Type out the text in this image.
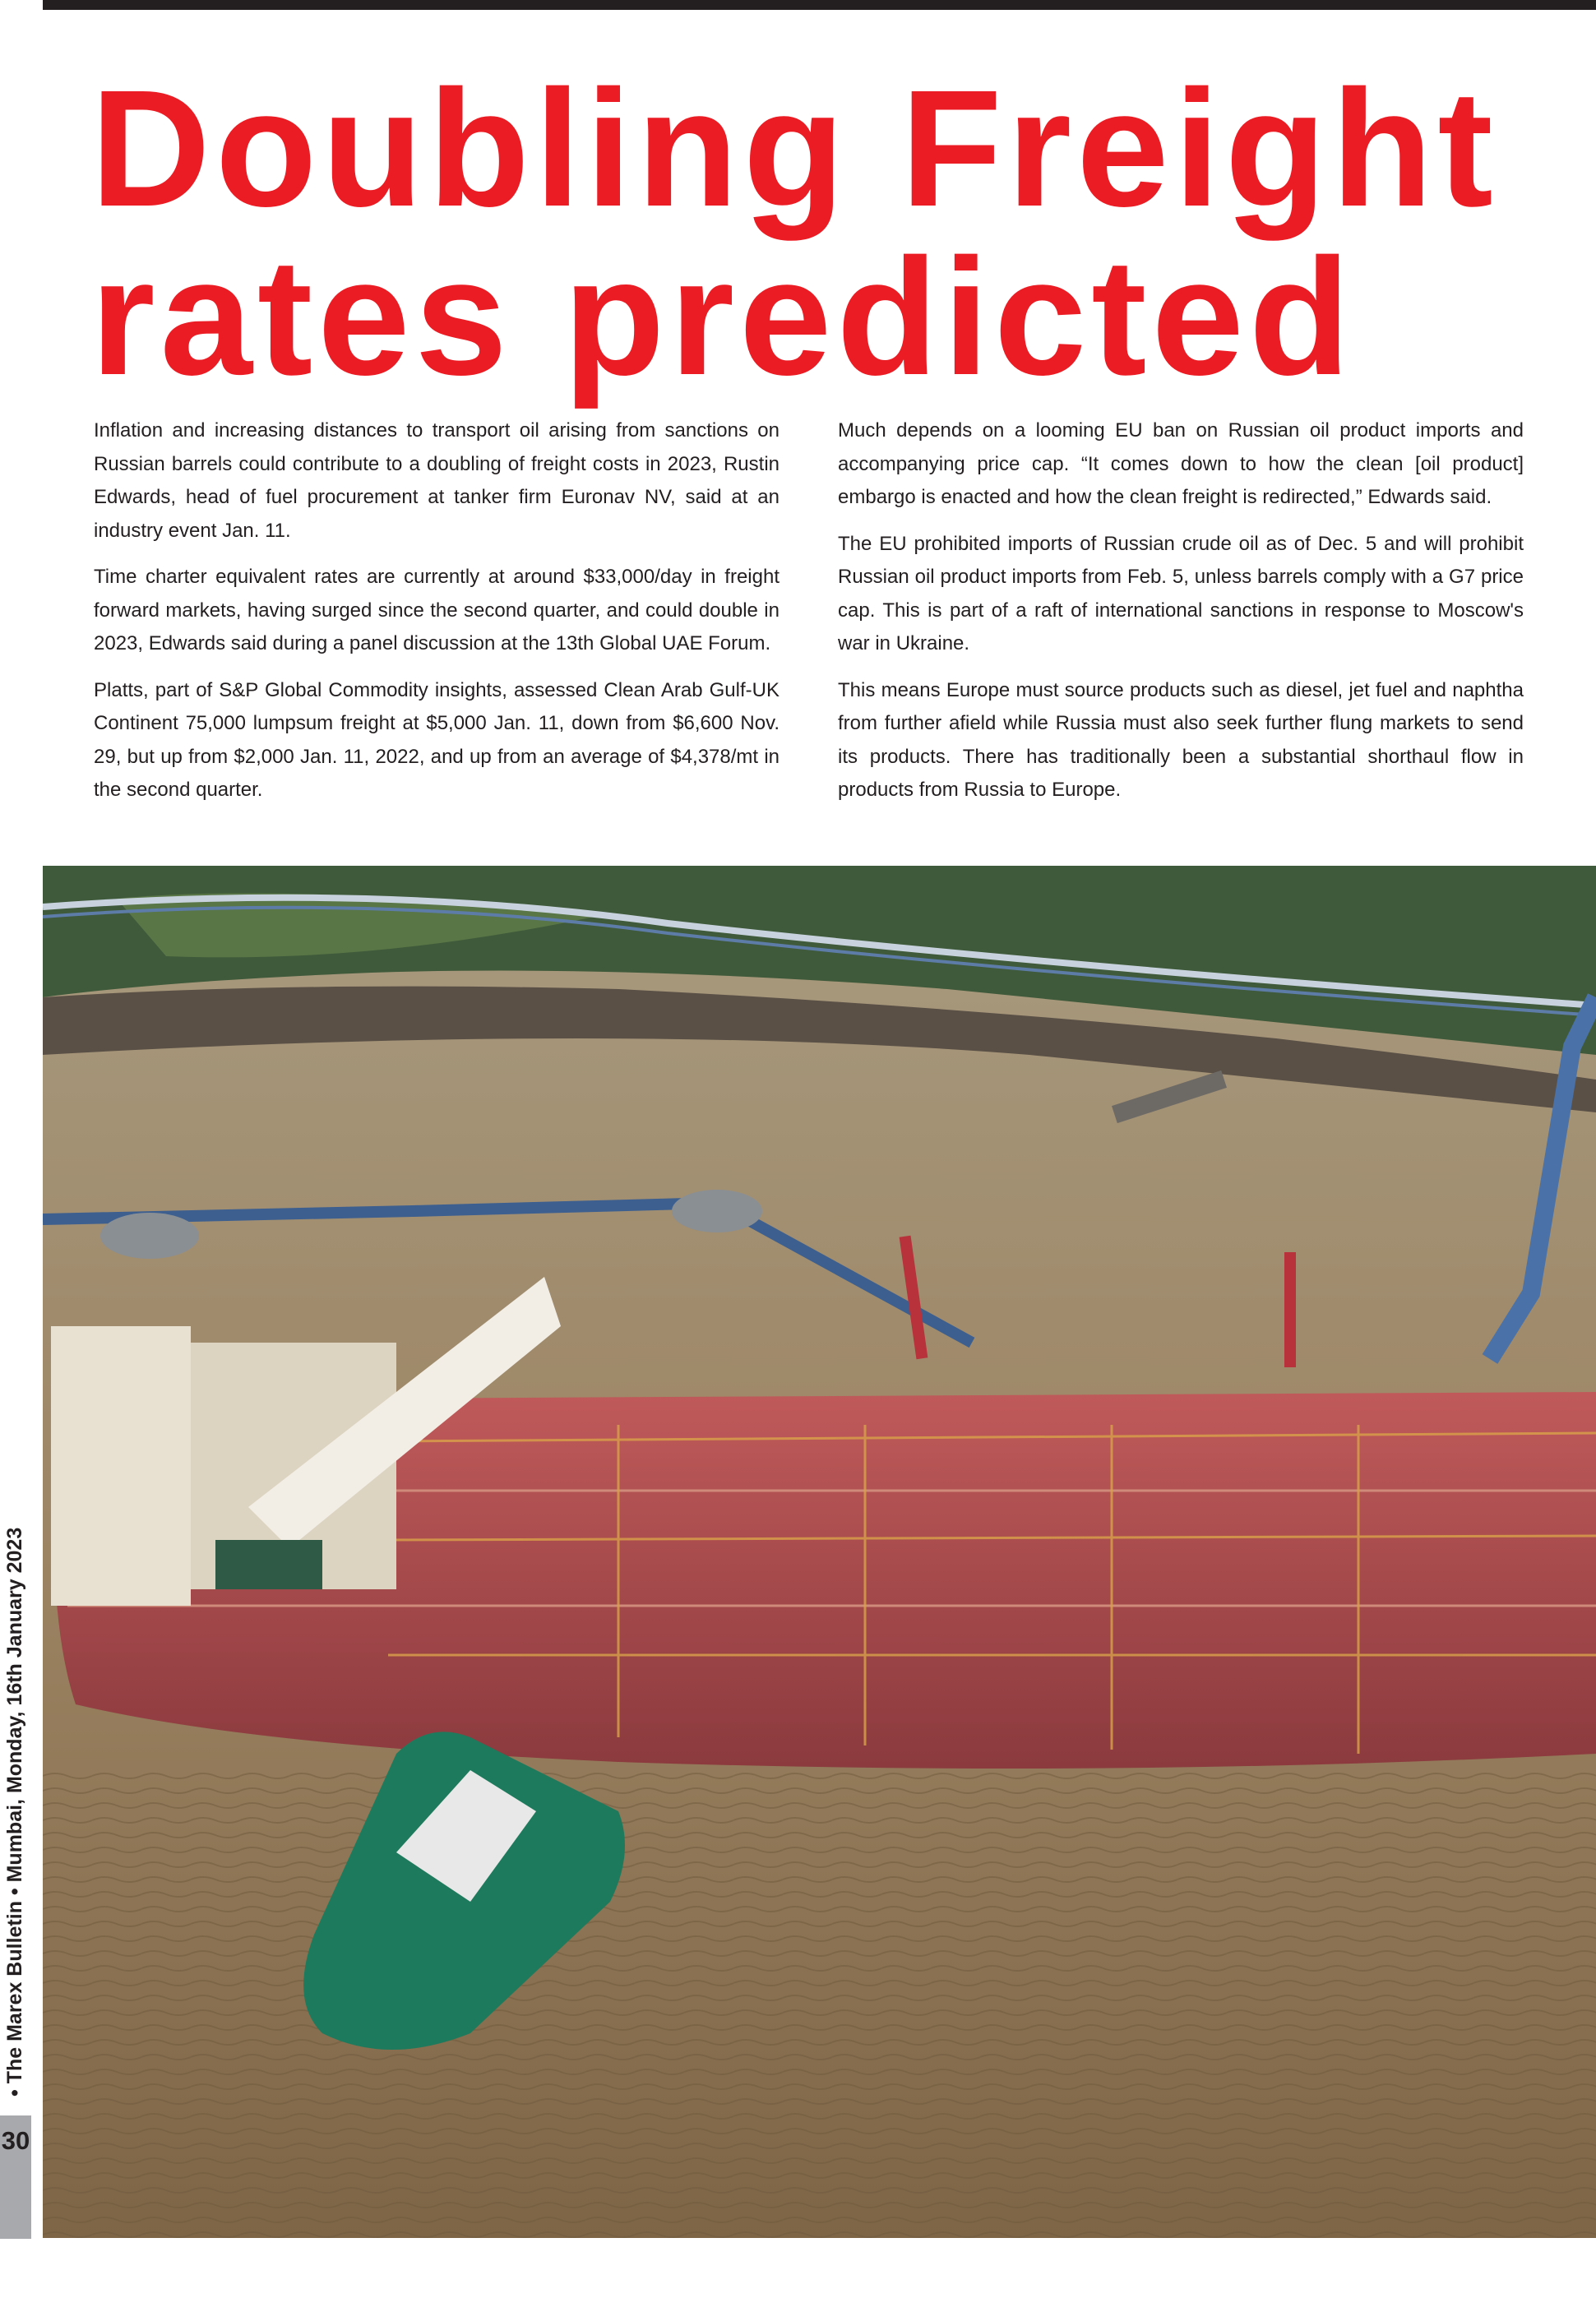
Doubling Freight
rates predicted

Inflation and increasing distances to transport oil arising from sanctions on Russian barrels could contribute to a doubling of freight costs in 2023, Rustin Edwards, head of fuel procurement at tanker firm Euronav NV, said at an industry event Jan. 11.

Time charter equivalent rates are currently at around $33,000/day in freight forward markets, having surged since the second quarter, and could double in 2023, Edwards said during a panel discussion at the 13th Global UAE Forum.

Platts, part of S&P Global Commodity insights, assessed Clean Arab Gulf-UK Continent 75,000 lumpsum freight at $5,000 Jan. 11, down from $6,600 Nov. 29, but up from $2,000 Jan. 11, 2022, and up from an average of $4,378/mt in the second quarter.

Much depends on a looming EU ban on Russian oil product imports and accompanying price cap. “It comes down to how the clean [oil product] embargo is enacted and how the clean freight is redirected,” Edwards said.

The EU prohibited imports of Russian crude oil as of Dec. 5 and will prohibit Russian oil product imports from Feb. 5, unless barrels comply with a G7 price cap. This is part of a raft of international sanctions in response to Moscow's war in Ukraine.

This means Europe must source products such as diesel, jet fuel and naphtha from further afield while Russia must also seek further flung markets to send its products. There has traditionally been a substantial shorthaul flow in products from Russia to Europe.

30
• The Marex Bulletin • Mumbai, Monday, 16th January 2023
